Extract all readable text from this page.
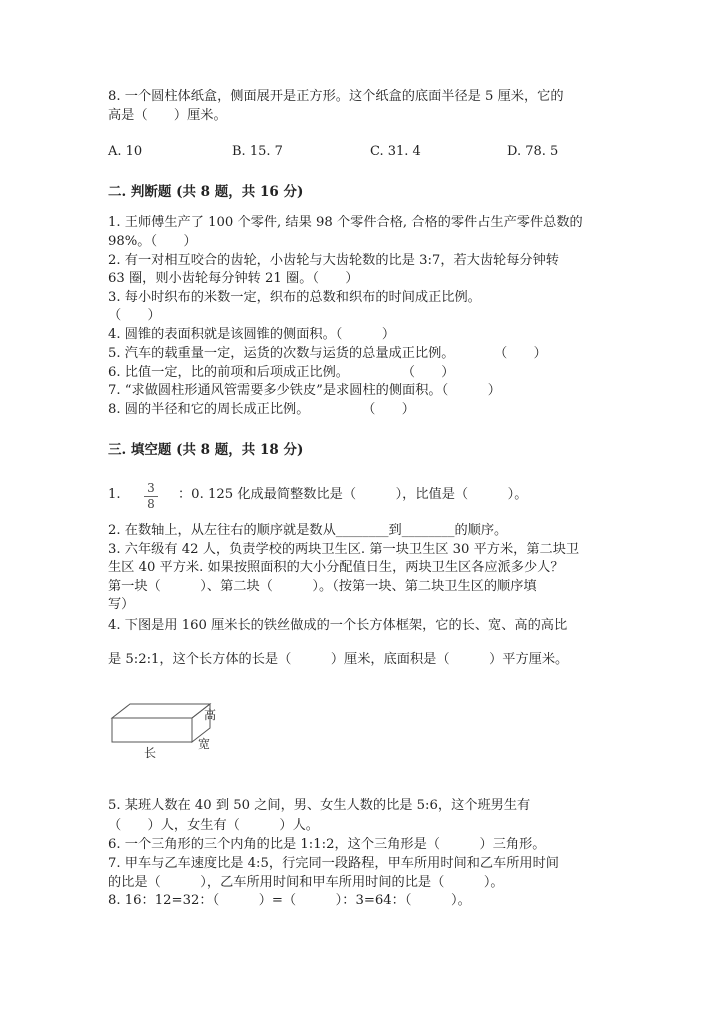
8. 一个圆柱体纸盒，侧面展开是正方形。这个纸盒的底面半径是 5 厘米，它的
高是（　　）厘米。
A. 10	B. 15. 7	C. 31. 4	D. 78. 5
二. 判断题 (共 8 题，共 16 分)
1. 王师傅生产了 100 个零件, 结果 98 个零件合格, 合格的零件占生产零件总数的
98%。（　　）
2. 有一对相互咬合的齿轮，小齿轮与大齿轮数的比是 3:7，若大齿轮每分钟转
63 圈，则小齿轮每分钟转 21 圈。（　　）
3. 每小时织布的米数一定，织布的总数和织布的时间成正比例。
（　　）
4. 圆锥的表面积就是该圆锥的侧面积。（　　　）
5. 汽车的载重量一定，运货的次数与运货的总量成正比例。　　　　（　　）
6. 比值一定，比的前项和后项成正比例。　　　　　（　　）
7. “求做圆柱形通风管需要多少铁皮”是求圆柱的侧面积。（　　　）
8. 圆的半径和它的周长成正比例。　　　　　（　　）
三. 填空题 (共 8 题，共 18 分)
1. 3
8
：0. 125 化成最简整数比是（　　　），比值是（　　　）。
2. 在数轴上，从左往右的顺序就是数从________到________的顺序。
3. 六年级有 42 人，负责学校的两块卫生区. 第一块卫生区 30 平方米，第二块卫
生区 40 平方米. 如果按照面积的大小分配值日生，两块卫生区各应派多少人？
第一块（　　　）、第二块（　　　）。（按第一块、第二块卫生区的顺序填
写）
4. 下图是用 160 厘米长的铁丝做成的一个长方体框架，它的长、宽、高的高比
是 5:2:1，这个长方体的长是（　　　）厘米，底面积是（　　　）平方厘米。
高
宽
长
5. 某班人数在 40 到 50 之间，男、女生人数的比是 5:6，这个班男生有
（　　）人，女生有（　　　）人。
6. 一个三角形的三个内角的比是 1:1:2，这个三角形是（　　　）三角形。
7. 甲车与乙车速度比是 4:5，行完同一段路程，甲车所用时间和乙车所用时间
的比是（　　　），乙车所用时间和甲车所用时间的比是（　　　）。
8. 16：12=32：（　　　）=（　　　）：3=64：（　　　）。
